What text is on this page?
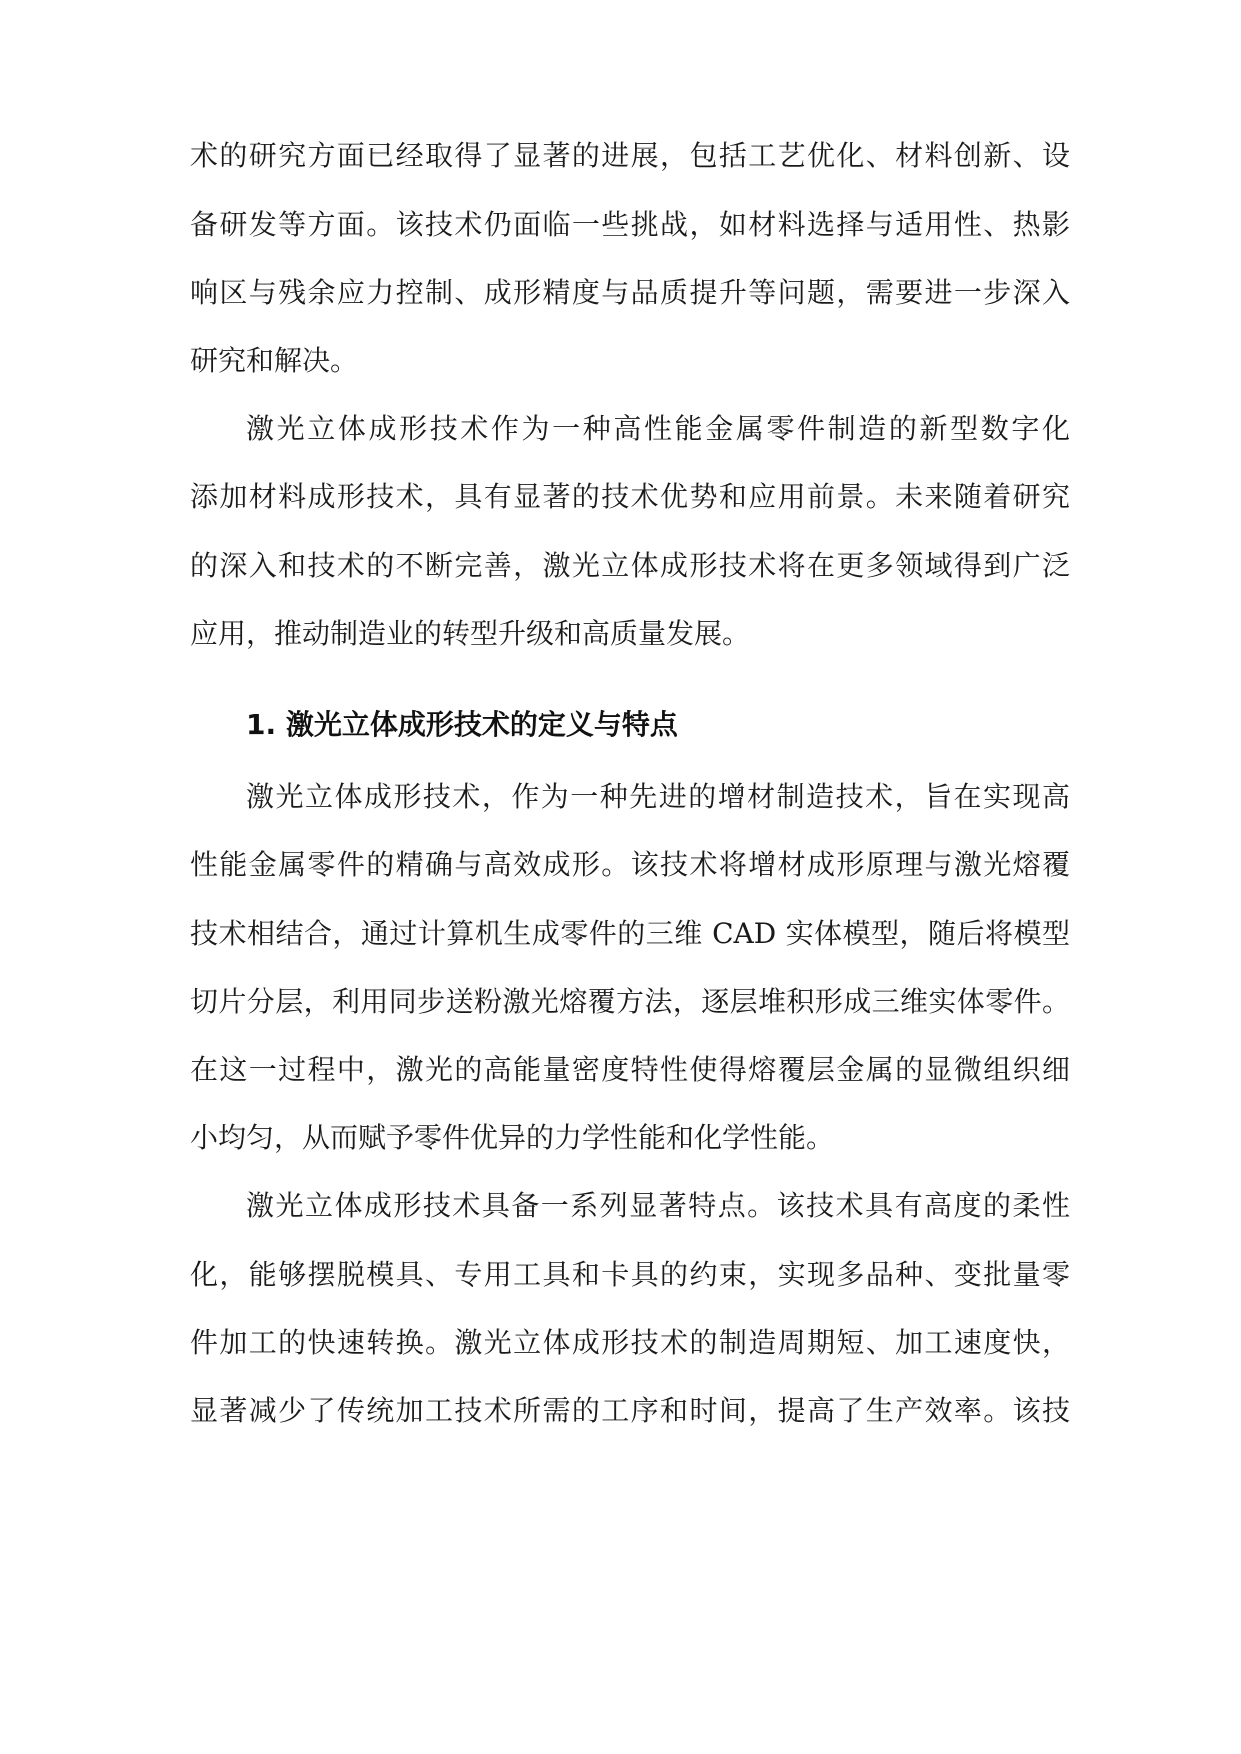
术的研究方面已经取得了显著的进展，包括工艺优化、材料创新、设
备研发等方面。该技术仍面临一些挑战，如材料选择与适用性、热影
响区与残余应力控制、成形精度与品质提升等问题，需要进一步深入
研究和解决。
激光立体成形技术作为一种高性能金属零件制造的新型数字化
添加材料成形技术，具有显著的技术优势和应用前景。未来随着研究
的深入和技术的不断完善，激光立体成形技术将在更多领域得到广泛
应用，推动制造业的转型升级和高质量发展。
1. 激光立体成形技术的定义与特点
激光立体成形技术，作为一种先进的增材制造技术，旨在实现高
性能金属零件的精确与高效成形。该技术将增材成形原理与激光熔覆
技术相结合，通过计算机生成零件的三维 CAD 实体模型，随后将模型
切片分层，利用同步送粉激光熔覆方法，逐层堆积形成三维实体零件。
在这一过程中，激光的高能量密度特性使得熔覆层金属的显微组织细
小均匀，从而赋予零件优异的力学性能和化学性能。
激光立体成形技术具备一系列显著特点。该技术具有高度的柔性
化，能够摆脱模具、专用工具和卡具的约束，实现多品种、变批量零
件加工的快速转换。激光立体成形技术的制造周期短、加工速度快，
显著减少了传统加工技术所需的工序和时间，提高了生产效率。该技
